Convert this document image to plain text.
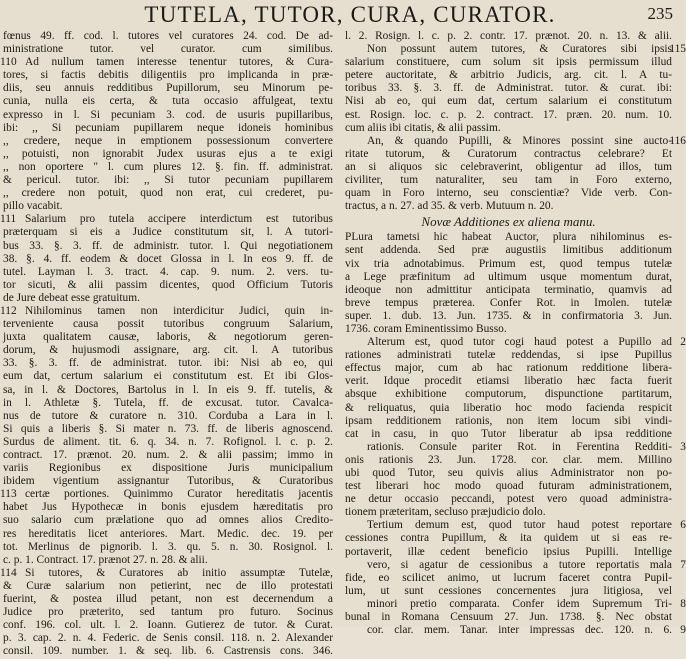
TUTELA, TUTOR, CURA, CURATOR.	235
fœnus 49. ff. cod. l. tutores vel curatores 24. cod. De ad-
ministratione tutor. vel curator. cum similibus.
110 Ad nullum tamen interesse tenentur tutores, & Cura-
tores, si factis debitis diligentiis pro implicanda in præ-
diis, seu annuis redditibus Pupillorum, seu Minorum pe-
cunia, nulla eis certa, & tuta occasio affulgeat, textu
expresso in l. Si pecuniam 3. cod. de usuris pupillaribus,
ibi: ,, Si pecuniam pupillarem neque idoneis hominibus
,, credere, neque in emptionem possessionum convertere
,, potuisti, non ignorabit Judex usuras ejus a te exigi
,, non oportere " l. cum plures 12. §. fin. ff. administrat.
& pericul. tutor. ibi: ,, Si tutor pecuniam pupillarem
,, credere non potuit, quod non erat, cui crederet, pu-
pillo vacabit.
111 Salarium pro tutela accipere interdictum est tutoribus
præterquam si eis a Judice constitutum sit, l. A tutori-
bus 33. §. 3. ff. de administr. tutor. l. Qui negotiationem
38. §. 4. ff. eodem & docet Glossa in l. In eos 9. ff. de
tutel. Layman l. 3. tract. 4. cap. 9. num. 2. vers. tu-
tor sicuti, & alii passim dicentes, quod Officium Tutoris
de Jure debeat esse gratuitum.
112 Nihilominus tamen non interdicitur Judici, quin in-
terveniente causa possit tutoribus congruum Salarium,
juxta qualitatem causæ, laboris, & negotiorum geren-
dorum, & hujusmodi assignare, arg. cit. l. A tutoribus
33. §. 3. ff. de administrat. tutor. ibi: Nisi ab eo, qui
eum dat, certum salarium ei constitutum est. Et ibi Glos-
sa, in l. & Doctores, Bartolus in l. In eis 9. ff. tutelis, &
in l. Athletæ §. Tutela, ff. de excusat. tutor. Cavalca-
nus de tutore & curatore n. 310. Corduba a Lara in l.
Si quis a liberis §. Si mater n. 73. ff. de liberis agnoscend.
Surdus de aliment. tit. 6. q. 34. n. 7. Rofignol. l. c. p. 2.
contract. 17. prænot. 20. num. 2. & alii passim; immo in
variis Regionibus ex dispositione Juris municipalium
ibidem vigentium assignantur Tutoribus, & Curatoribus
113 certæ portiones. Quinimmo Curator hereditatis jacentis
habet Jus Hypothecæ in bonis ejusdem hæreditatis pro
suo salario cum prælatione quo ad omnes alios Credito-
res hereditatis licet anteriores. Mart. Medic. dec. 19. per
tot. Merlinus de pignorib. l. 3. qu. 5. n. 30. Rosignol. l.
c. p. 1. Contract. 17. prænot 27. n. 28. & alii.
114 Si tutores, & Curatores ab initio assumptæ Tutelæ,
& Curæ salarium non petierint, nec de illo protestati
fuerint, & postea illud petant, non est decernendum a
Judice pro præterito, sed tantum pro futuro. Socinus
conf. 196. col. ult. l. 2. Ioann. Gutierez de tutor. & Curat.
p. 3. cap. 2. n. 4. Federic. de Senis consil. 118. n. 2. Alexander
consil. 109. number. 1. & seq. lib. 6. Castrensis cons. 346.
l. 2. Rosign. l. c. p. 2. contr. 17. prænot. 20. n. 13. & alii.
115
Non possunt autem tutores, & Curatores sibi ipsis
salarium constituere, cum solum sit ipsis permissum illud
petere auctoritate, & arbitrio Judicis, arg. cit. l. A tu-
toribus 33. §. 3. ff. de Administrat. tutor. & curat. ibi:
Nisi ab eo, qui eum dat, certum salarium ei constitutum
est. Rosign. loc. c. p. 2. contract. 17. præn. 20. num. 10.
cum aliis ibi citatis, & alii passim.
116
An, & quando Pupilli, & Minores possint sine aucto-
ritate tutorum, & Curatorum contractus celebrare? Et
an si aliquos sic celebraverint, obligentur ad illos, tum
civiliter, tum naturaliter, seu tam in Foro externo,
quam in Foro interno, seu conscientiæ? Vide verb. Con-
tractus, a n. 27. ad 35. & verb. Mutuum n. 20.
Novæ Additiones ex aliena manu.
PLura tametsi hic habeat Auctor, plura nihilominus es-
sent addenda. Sed præ augustiis limitibus additionum
vix tria adnotabimus. Primum est, quod tempus tutelæ
a Lege præfinitum ad ultimum usque momentum durat,
ideoque non admittitur anticipata terminatio, quamvis ad
breve tempus præterea. Confer Rot. in Imolen. tutelæ
super. 1. dub. 13. Jun. 1735. & in confirmatoria 3. Jun.
1736. coram Eminentissimo Busso.
2
Alterum est, quod tutor cogi haud potest a Pupillo ad
rationes administrati tutelæ reddendas, si ipse Pupillus
effectus major, cum ab hac rationum redditione libera-
verit. Idque procedit etiamsi liberatio hæc facta fuerit
absque exhibitione computorum, dispunctione partitarum,
& reliquatus, quia liberatio hoc modo facienda respicit
ipsam redditionem rationis, non item locum sibi vindi-
cat in casu, in quo Tutor liberatur ab ipsa redditione
3
rationis. Consule pariter Rot. in Ferentina Redditi-
onis rationis 23. Jun. 1728. cor. clar. mem. Millino
ubi quod Tutor, seu quivis alius Administrator non po-
test liberari hoc modo quoad futuram administrationem,
ne detur occasio peccandi, potest vero quoad administra-
tionem præteritam, secluso præjudicio dolo.
6
Tertium demum est, quod tutor haud potest reportare
cessiones contra Pupillum, & ita quidem ut si eas re-
portaverit, illæ cedent beneficio ipsius Pupilli. Intellige
7
vero, si agatur de cessionibus a tutore reportatis mala
fide, eo scilicet animo, ut lucrum faceret contra Pupil-
lum, ut sunt cessiones concernentes jura litigiosa, vel
8
minori pretio comparata. Confer idem Supremum Tri-
bunal in Romana Censuum 27. Jun. 1738. §. Nec obstat
9
cor. clar. mem. Tanar. inter impressas dec. 120. n. 6.
